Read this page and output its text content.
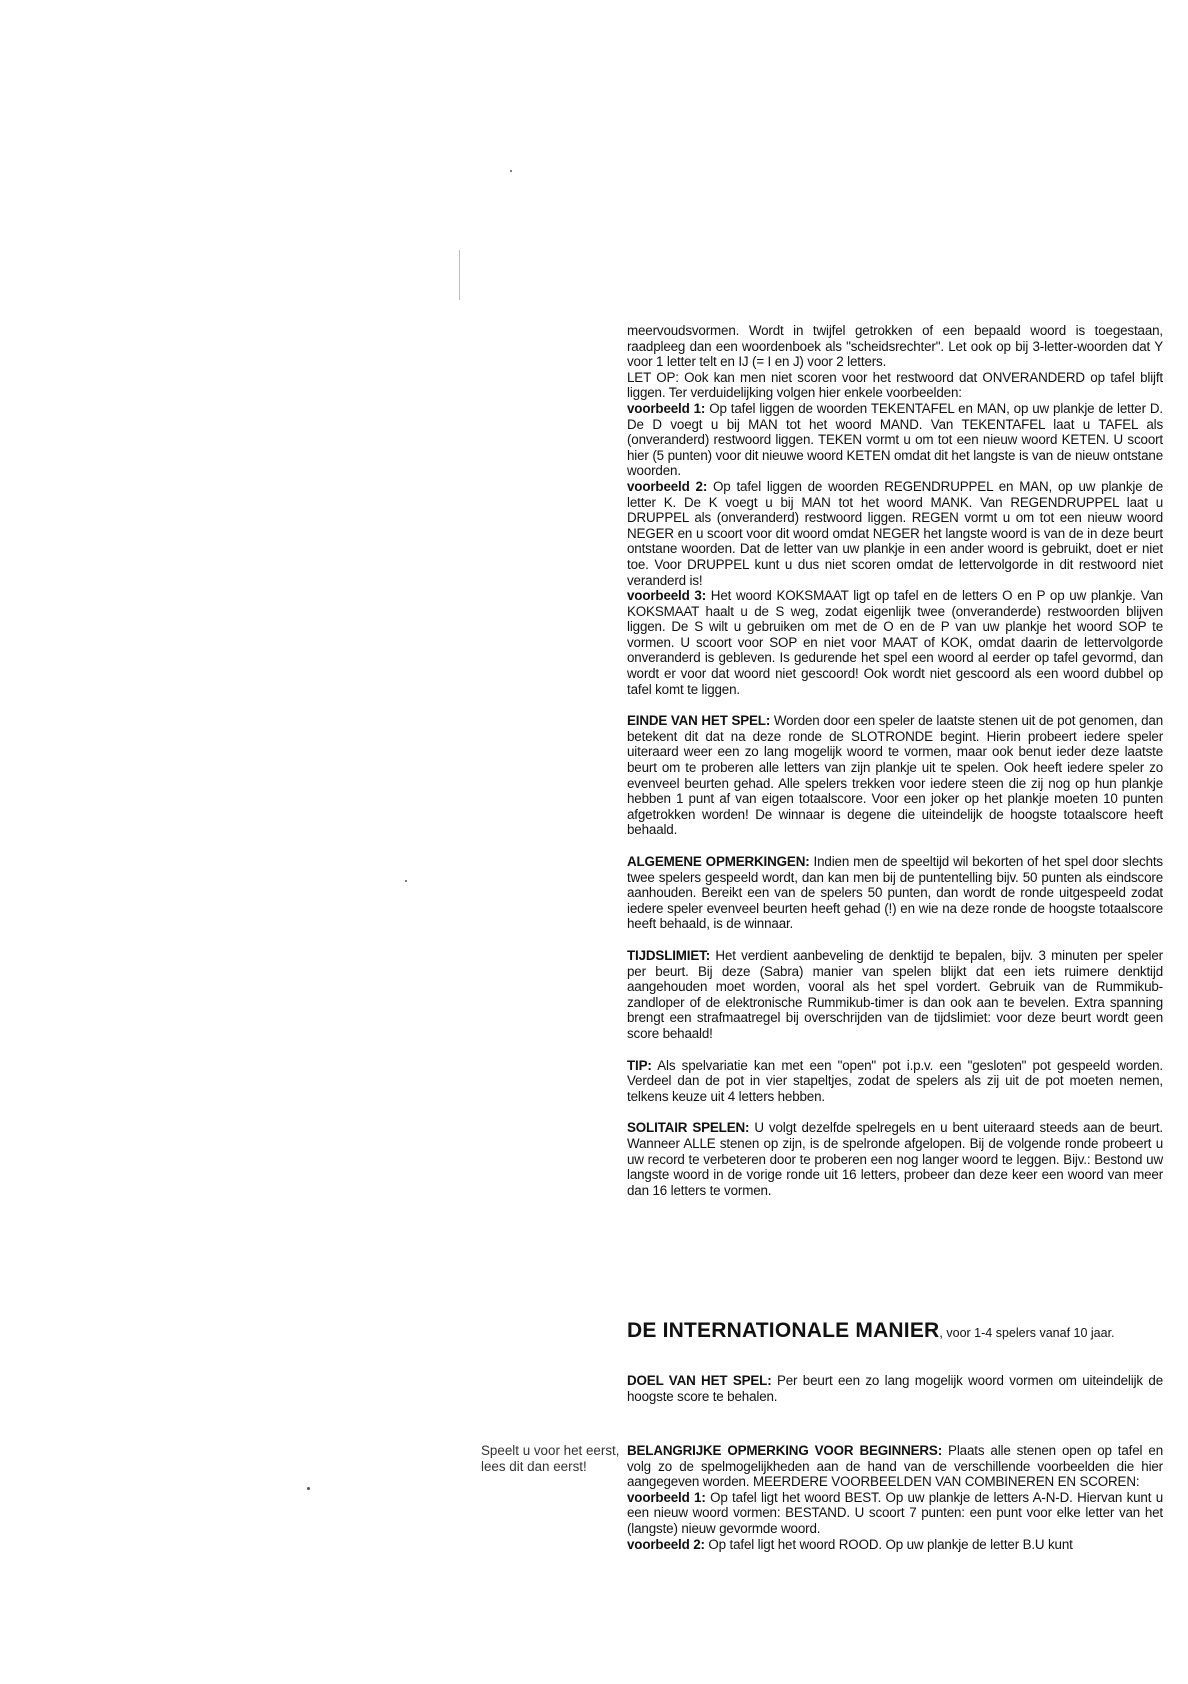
meervoudsvormen. Wordt in twijfel getrokken of een bepaald woord is toegestaan, raadpleeg dan een woordenboek als "scheidsrechter". Let ook op bij 3-letter-woorden dat Y voor 1 letter telt en IJ (= I en J) voor 2 letters.

LET OP: Ook kan men niet scoren voor het restwoord dat ONVERANDERD op tafel blijft liggen. Ter verduidelijking volgen hier enkele voorbeelden:

voorbeeld 1: Op tafel liggen de woorden TEKENTAFEL en MAN, op uw plankje de letter D. De D voegt u bij MAN tot het woord MAND. Van TEKENTAFEL laat u TAFEL als (onveranderd) restwoord liggen. TEKEN vormt u om tot een nieuw woord KETEN. U scoort hier (5 punten) voor dit nieuwe woord KETEN omdat dit het langste is van de nieuw ontstane woorden.

voorbeeld 2: Op tafel liggen de woorden REGENDRUPPEL en MAN, op uw plankje de letter K. De K voegt u bij MAN tot het woord MANK. Van REGENDRUPPEL laat u DRUPPEL als (onveranderd) restwoord liggen. REGEN vormt u om tot een nieuw woord NEGER en u scoort voor dit woord omdat NEGER het langste woord is van de in deze beurt ontstane woorden. Dat de letter van uw plankje in een ander woord is gebruikt, doet er niet toe. Voor DRUPPEL kunt u dus niet scoren omdat de lettervolgorde in dit restwoord niet veranderd is!

voorbeeld 3: Het woord KOKSMAAT ligt op tafel en de letters O en P op uw plankje. Van KOKSMAAT haalt u de S weg, zodat eigenlijk twee (onveranderde) restwoorden blijven liggen. De S wilt u gebruiken om met de O en de P van uw plankje het woord SOP te vormen. U scoort voor SOP en niet voor MAAT of KOK, omdat daarin de lettervolgorde onveranderd is gebleven. Is gedurende het spel een woord al eerder op tafel gevormd, dan wordt er voor dat woord niet gescoord! Ook wordt niet gescoord als een woord dubbel op tafel komt te liggen.

EINDE VAN HET SPEL: Worden door een speler de laatste stenen uit de pot genomen, dan betekent dit dat na deze ronde de SLOTRONDE begint. Hierin probeert iedere speler uiteraard weer een zo lang mogelijk woord te vormen, maar ook benut ieder deze laatste beurt om te proberen alle letters van zijn plankje uit te spelen. Ook heeft iedere speler zo evenveel beurten gehad. Alle spelers trekken voor iedere steen die zij nog op hun plankje hebben 1 punt af van eigen totaalscore. Voor een joker op het plankje moeten 10 punten afgetrokken worden! De winnaar is degene die uiteindelijk de hoogste totaalscore heeft behaald.

ALGEMENE OPMERKINGEN: Indien men de speeltijd wil bekorten of het spel door slechts twee spelers gespeeld wordt, dan kan men bij de puntentelling bijv. 50 punten als eindscore aanhouden. Bereikt een van de spelers 50 punten, dan wordt de ronde uitgespeeld zodat iedere speler evenveel beurten heeft gehad (!) en wie na deze ronde de hoogste totaalscore heeft behaald, is de winnaar.

TIJDSLIMIET: Het verdient aanbeveling de denktijd te bepalen, bijv. 3 minuten per speler per beurt. Bij deze (Sabra) manier van spelen blijkt dat een iets ruimere denktijd aangehouden moet worden, vooral als het spel vordert. Gebruik van de Rummikub-zandloper of de elektronische Rummikub-timer is dan ook aan te bevelen. Extra spanning brengt een strafmaatregel bij overschrijden van de tijdslimiet: voor deze beurt wordt geen score behaald!

TIP: Als spelvariatie kan met een "open" pot i.p.v. een "gesloten" pot gespeeld worden. Verdeel dan de pot in vier stapeltjes, zodat de spelers als zij uit de pot moeten nemen, telkens keuze uit 4 letters hebben.

SOLITAIR SPELEN: U volgt dezelfde spelregels en u bent uiteraard steeds aan de beurt. Wanneer ALLE stenen op zijn, is de spelronde afgelopen. Bij de volgende ronde probeert u uw record te verbeteren door te proberen een nog langer woord te leggen. Bijv.: Bestond uw langste woord in de vorige ronde uit 16 letters, probeer dan deze keer een woord van meer dan 16 letters te vormen.

DE INTERNATIONALE MANIER, voor 1-4 spelers vanaf 10 jaar.

DOEL VAN HET SPEL: Per beurt een zo lang mogelijk woord vormen om uiteindelijk de hoogste score te behalen.

Speelt u voor het eerst, lees dit dan eerst!

BELANGRIJKE OPMERKING VOOR BEGINNERS: Plaats alle stenen open op tafel en volg zo de spelmogelijkheden aan de hand van de verschillende voorbeelden die hier aangegeven worden. MEERDERE VOORBEELDEN VAN COMBINEREN EN SCOREN:

voorbeeld 1: Op tafel ligt het woord BEST. Op uw plankje de letters A-N-D. Hiervan kunt u een nieuw woord vormen: BESTAND. U scoort 7 punten: een punt voor elke letter van het (langste) nieuw gevormde woord.

voorbeeld 2: Op tafel ligt het woord ROOD. Op uw plankje de letter B.U kunt
